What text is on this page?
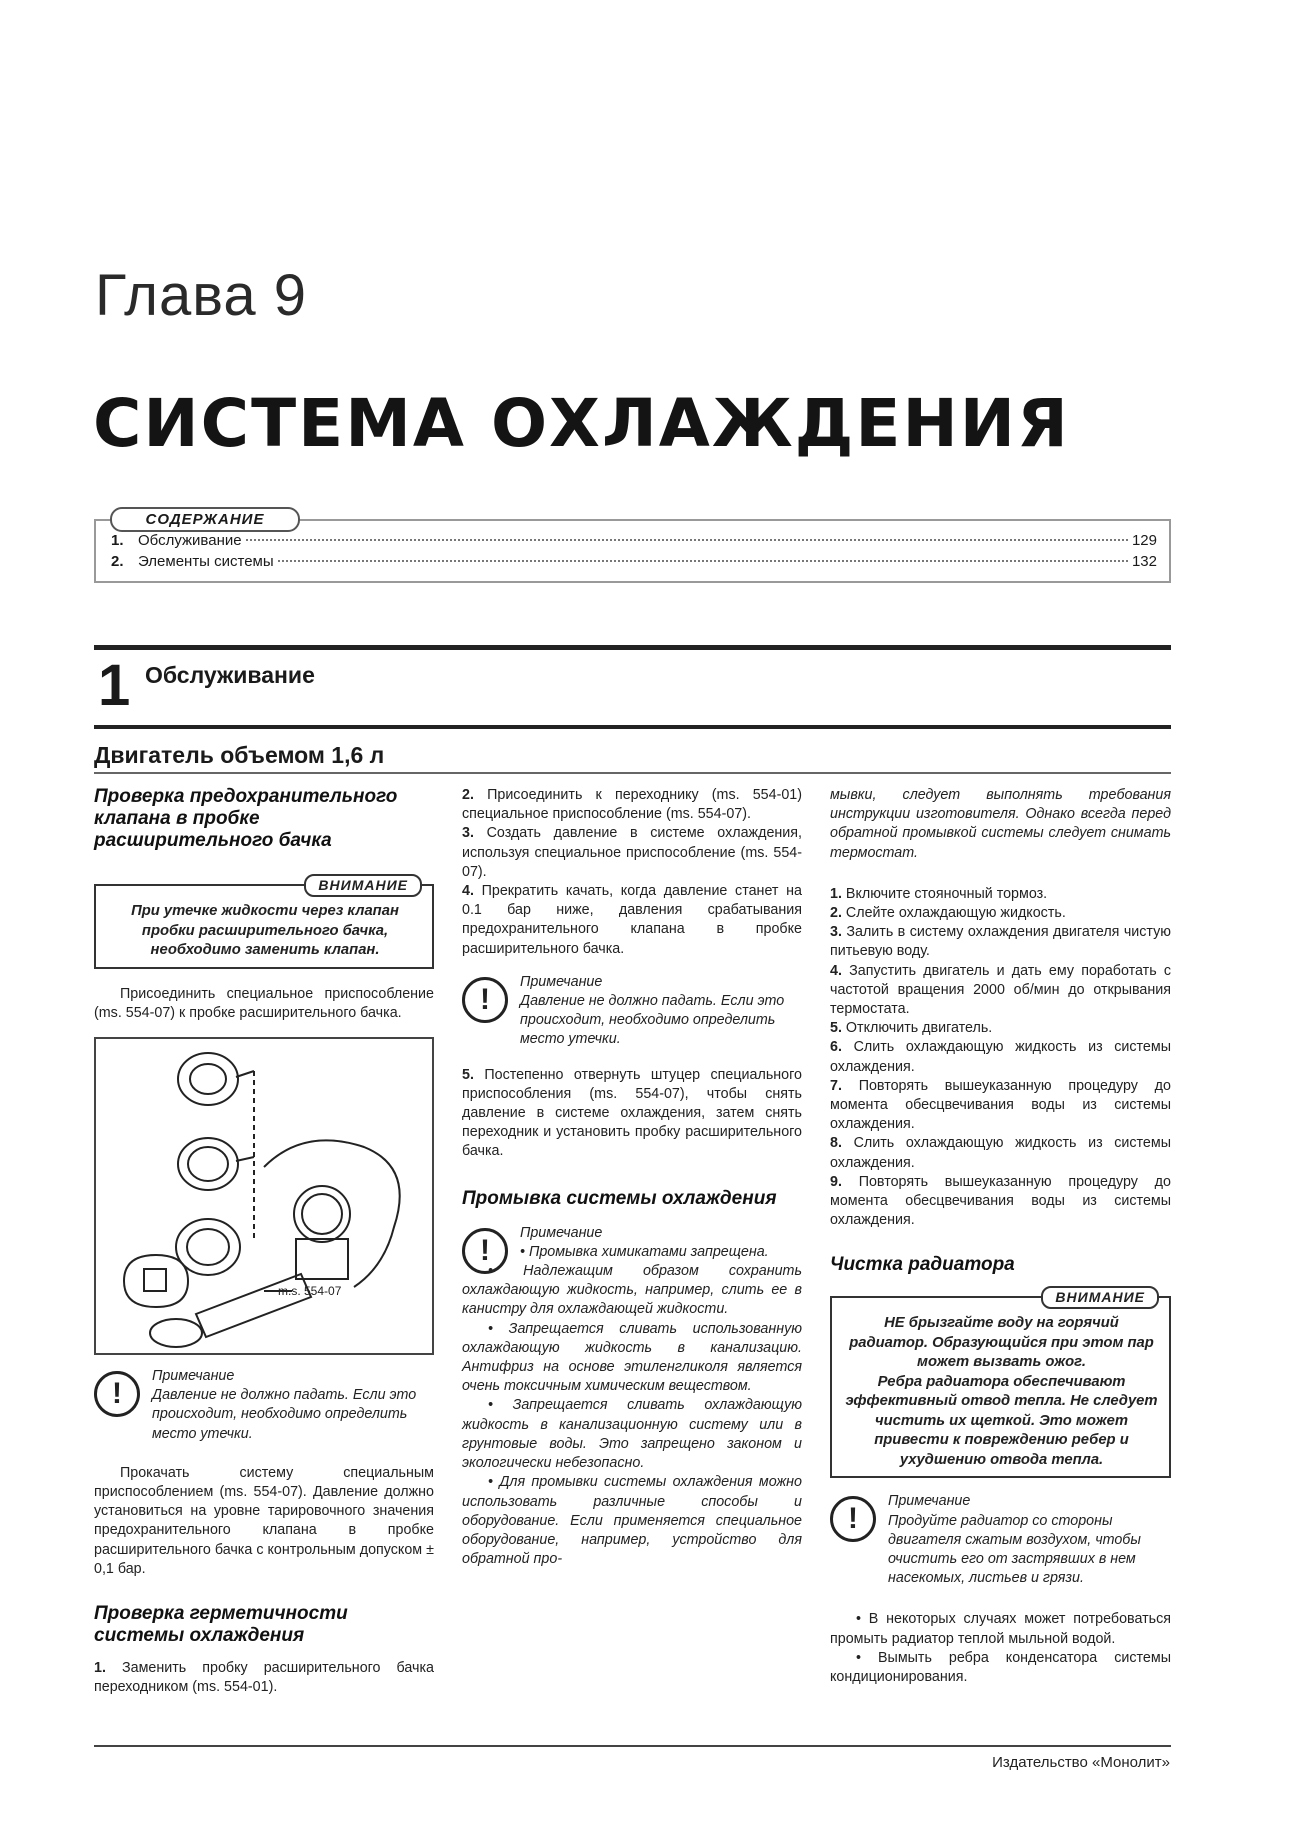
Глава 9
СИСТЕМА ОХЛАЖДЕНИЯ
СОДЕРЖАНИЕ
1. Обслуживание	129
2. Элементы системы	132
1 Обслуживание
Двигатель объемом 1,6 л
Проверка предохранительного клапана в пробке расширительного бачка
ВНИМАНИЕ
При утечке жидкости через клапан пробки расширительного бачка, необходимо заменить клапан.

Присоединить специальное приспособление (ms. 554-07) к пробке расширительного бачка.

m.s. 554-07
!
Примечание
Давление не должно падать. Если это происходит, необходимо определить место утечки.

Прокачать систему специальным приспособлением (ms. 554-07). Давление должно установиться на уровне тарировочного значения предохранительного клапана в пробке расширительного бачка с контрольным допуском ± 0,1 бар.

Проверка герметичности системы охлаждения

1. Заменить пробку расширительного бачка переходником (ms. 554-01).

2. Присоединить к переходнику (ms. 554-01) специальное приспособление (ms. 554-07).

3. Создать давление в системе охлаждения, используя специальное приспособление (ms. 554-07).

4. Прекратить качать, когда давление станет на 0.1 бар ниже, давления срабатывания предохранительного клапана в пробке расширительного бачка.

!
Примечание
Давление не должно падать. Если это происходит, необходимо определить место утечки.

5. Постепенно отвернуть штуцер специального приспособления (ms. 554-07), чтобы снять давление в системе охлаждения, затем снять переходник и установить пробку расширительного бачка.

Промывка системы охлаждения
!
Примечание

• Промывка химикатами запрещена.

• Надлежащим образом сохранить охлаждающую жидкость, например, слить ее в канистру для охлаждающей жидкости.

• Запрещается сливать использованную охлаждающую жидкость в канализацию. Антифриз на основе этиленгликоля является очень токсичным химическим веществом.

• Запрещается сливать охлаждающую жидкость в канализационную систему или в грунтовые воды. Это запрещено законом и экологически небезопасно.

• Для промывки системы охлаждения можно использовать различные способы и оборудование. Если применяется специальное оборудование, например, устройство для обратной про-

мывки, следует выполнять требования инструкции изготовителя. Однако всегда перед обратной промывкой системы следует снимать термостат.

1. Включите стояночный тормоз.

2. Слейте охлаждающую жидкость.

3. Залить в систему охлаждения двигателя чистую питьевую воду.

4. Запустить двигатель и дать ему поработать с частотой вращения 2000 об/мин до открывания термостата.

5. Отключить двигатель.

6. Слить охлаждающую жидкость из системы охлаждения.

7. Повторять вышеуказанную процедуру до момента обесцвечивания воды из системы охлаждения.

8. Слить охлаждающую жидкость из системы охлаждения.

9. Повторять вышеуказанную процедуру до момента обесцвечивания воды из системы охлаждения.

Чистка радиатора
ВНИМАНИЕ
НЕ брызгайте воду на горячий радиатор. Образующийся при этом пар может вызвать ожог.
Ребра радиатора обеспечивают эффективный отвод тепла. Не следует чистить их щеткой. Это может привести к повреждению ребер и ухудшению отвода тепла.
!
Примечание
Продуйте радиатор со стороны двигателя сжатым воздухом, чтобы очистить его от застрявших в нем насекомых, листьев и грязи.

• В некоторых случаях может потребоваться промыть радиатор теплой мыльной водой.

• Вымыть ребра конденсатора системы кондиционирования.

Издательство «Монолит»
